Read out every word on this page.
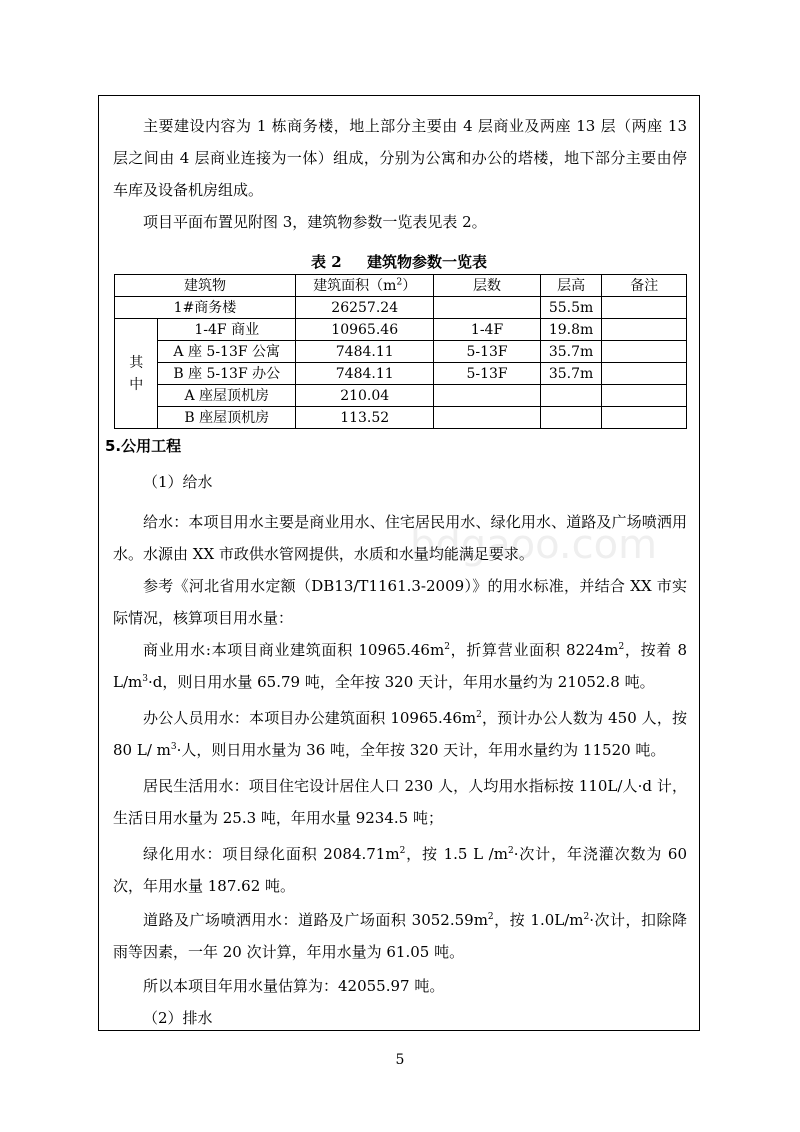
bdgaoo.com
主要建设内容为 1 栋商务楼，地上部分主要由 4 层商业及两座 13 层（两座 13 层之间由 4 层商业连接为一体）组成，分别为公寓和办公的塔楼，地下部分主要由停车库及设备机房组成。
项目平面布置见附图 3，建筑物参数一览表见表 2。
表 2 建筑物参数一览表
建筑物		建筑面积$(m^2)$	层数	层高	备注
1#商务楼		26257.24		55.5m	

其
中	1-4F 商业	10965.46	1-4F	19.8m	
	A 座 5-13F 公寓	7484.11	5-13F	35.7m	
	B 座 5-13F 办公	7484.11	5-13F	35.7m	
	A 座屋顶机房	210.04			
	B 座屋顶机房	113.52			
5.公用工程
（1）给水
给水：本项目用水主要是商业用水、住宅居民用水、绿化用水、道路及广场喷洒用水。水源由 XX 市政供水管网提供，水质和水量均能满足要求。
参考《河北省用水定额（DB13/T1161.3-2009）》的用水标准，并结合 XX 市实际情况，核算项目用水量：
商业用水:本项目商业建筑面积 $10965.46m^2$，折算营业面积 $8224m^2$，按着 8 $L/m^3\cdot d$，则日用水量 65.79 吨，全年按 320 天计，年用水量约为 21052.8 吨。
办公人员用水：本项目办公建筑面积 $10965.46m^2$，预计办公人数为 450 人，按 80 L/ $m^3\cdot$人，则日用水量为 36 吨，全年按 320 天计，年用水量约为 11520 吨。
居民生活用水：项目住宅设计居住人口 230 人，人均用水指标按 110L/人·d 计，生活日用水量为 25.3 吨，年用水量 9234.5 吨；
绿化用水：项目绿化面积 $2084.71m^2$，按 1.5 L $/m^2\cdot$次计，年浇灌次数为 60 次，年用水量 187.62 吨。
道路及广场喷洒用水：道路及广场面积 $3052.59m^2$，按 $1.0L/m^2\cdot$次计，扣除降雨等因素，一年 20 次计算，年用水量为 61.05 吨。
所以本项目年用水量估算为：42055.97 吨。
（2）排水
5
